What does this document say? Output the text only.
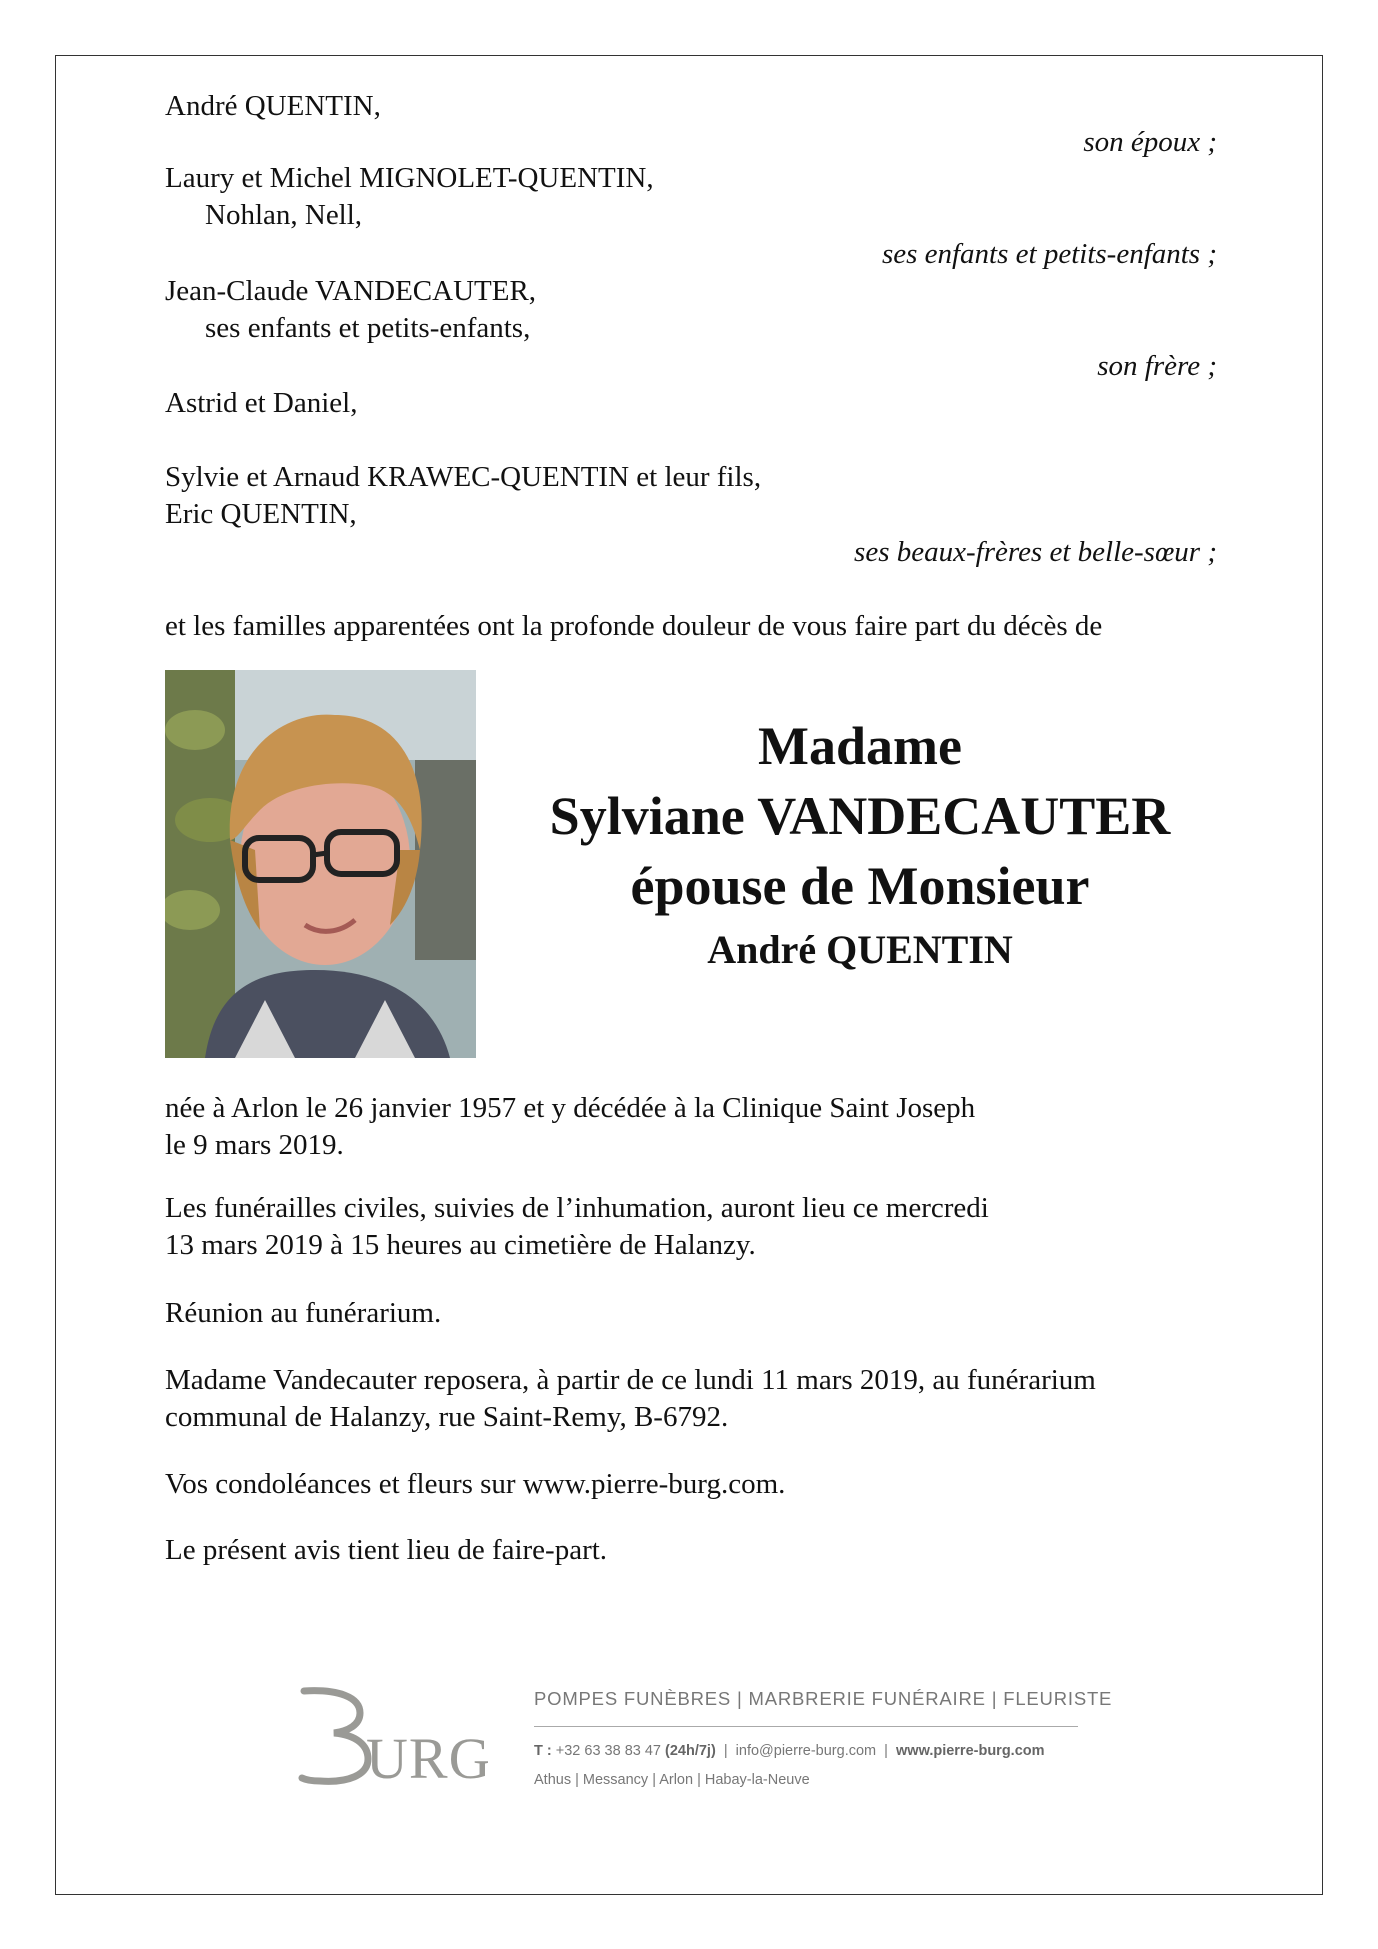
André QUENTIN,
son époux ;
Laury et Michel MIGNOLET-QUENTIN,
Nohlan, Nell,
ses enfants et petits-enfants ;
Jean-Claude VANDECAUTER,
ses enfants et petits-enfants,
son frère ;
Astrid et Daniel,
Sylvie et Arnaud KRAWEC-QUENTIN et leur fils,
Eric QUENTIN,
ses beaux-frères et belle-sœur ;
et les familles apparentées ont la profonde douleur de vous faire part du décès de
Madame
Sylviane VANDECAUTER
épouse de Monsieur
André QUENTIN
née à Arlon le 26 janvier 1957 et y décédée à la Clinique Saint Joseph
le 9 mars 2019.
Les funérailles civiles, suivies de l’inhumation, auront lieu ce mercredi
13 mars 2019 à 15 heures au cimetière de Halanzy.
Réunion au funérarium.
Madame Vandecauter reposera, à partir de ce lundi 11 mars 2019, au funérarium
communal de Halanzy, rue Saint-Remy, B-6792.
Vos condoléances et fleurs sur www.pierre-burg.com.
Le présent avis tient lieu de faire-part.
URG
POMPES FUNÈBRES | MARBRERIE FUNÉRAIRE | FLEURISTE
T : +32 63 38 83 47 (24h/7j)  |  info@pierre-burg.com  |  www.pierre-burg.com
Athus | Messancy | Arlon | Habay-la-Neuve
